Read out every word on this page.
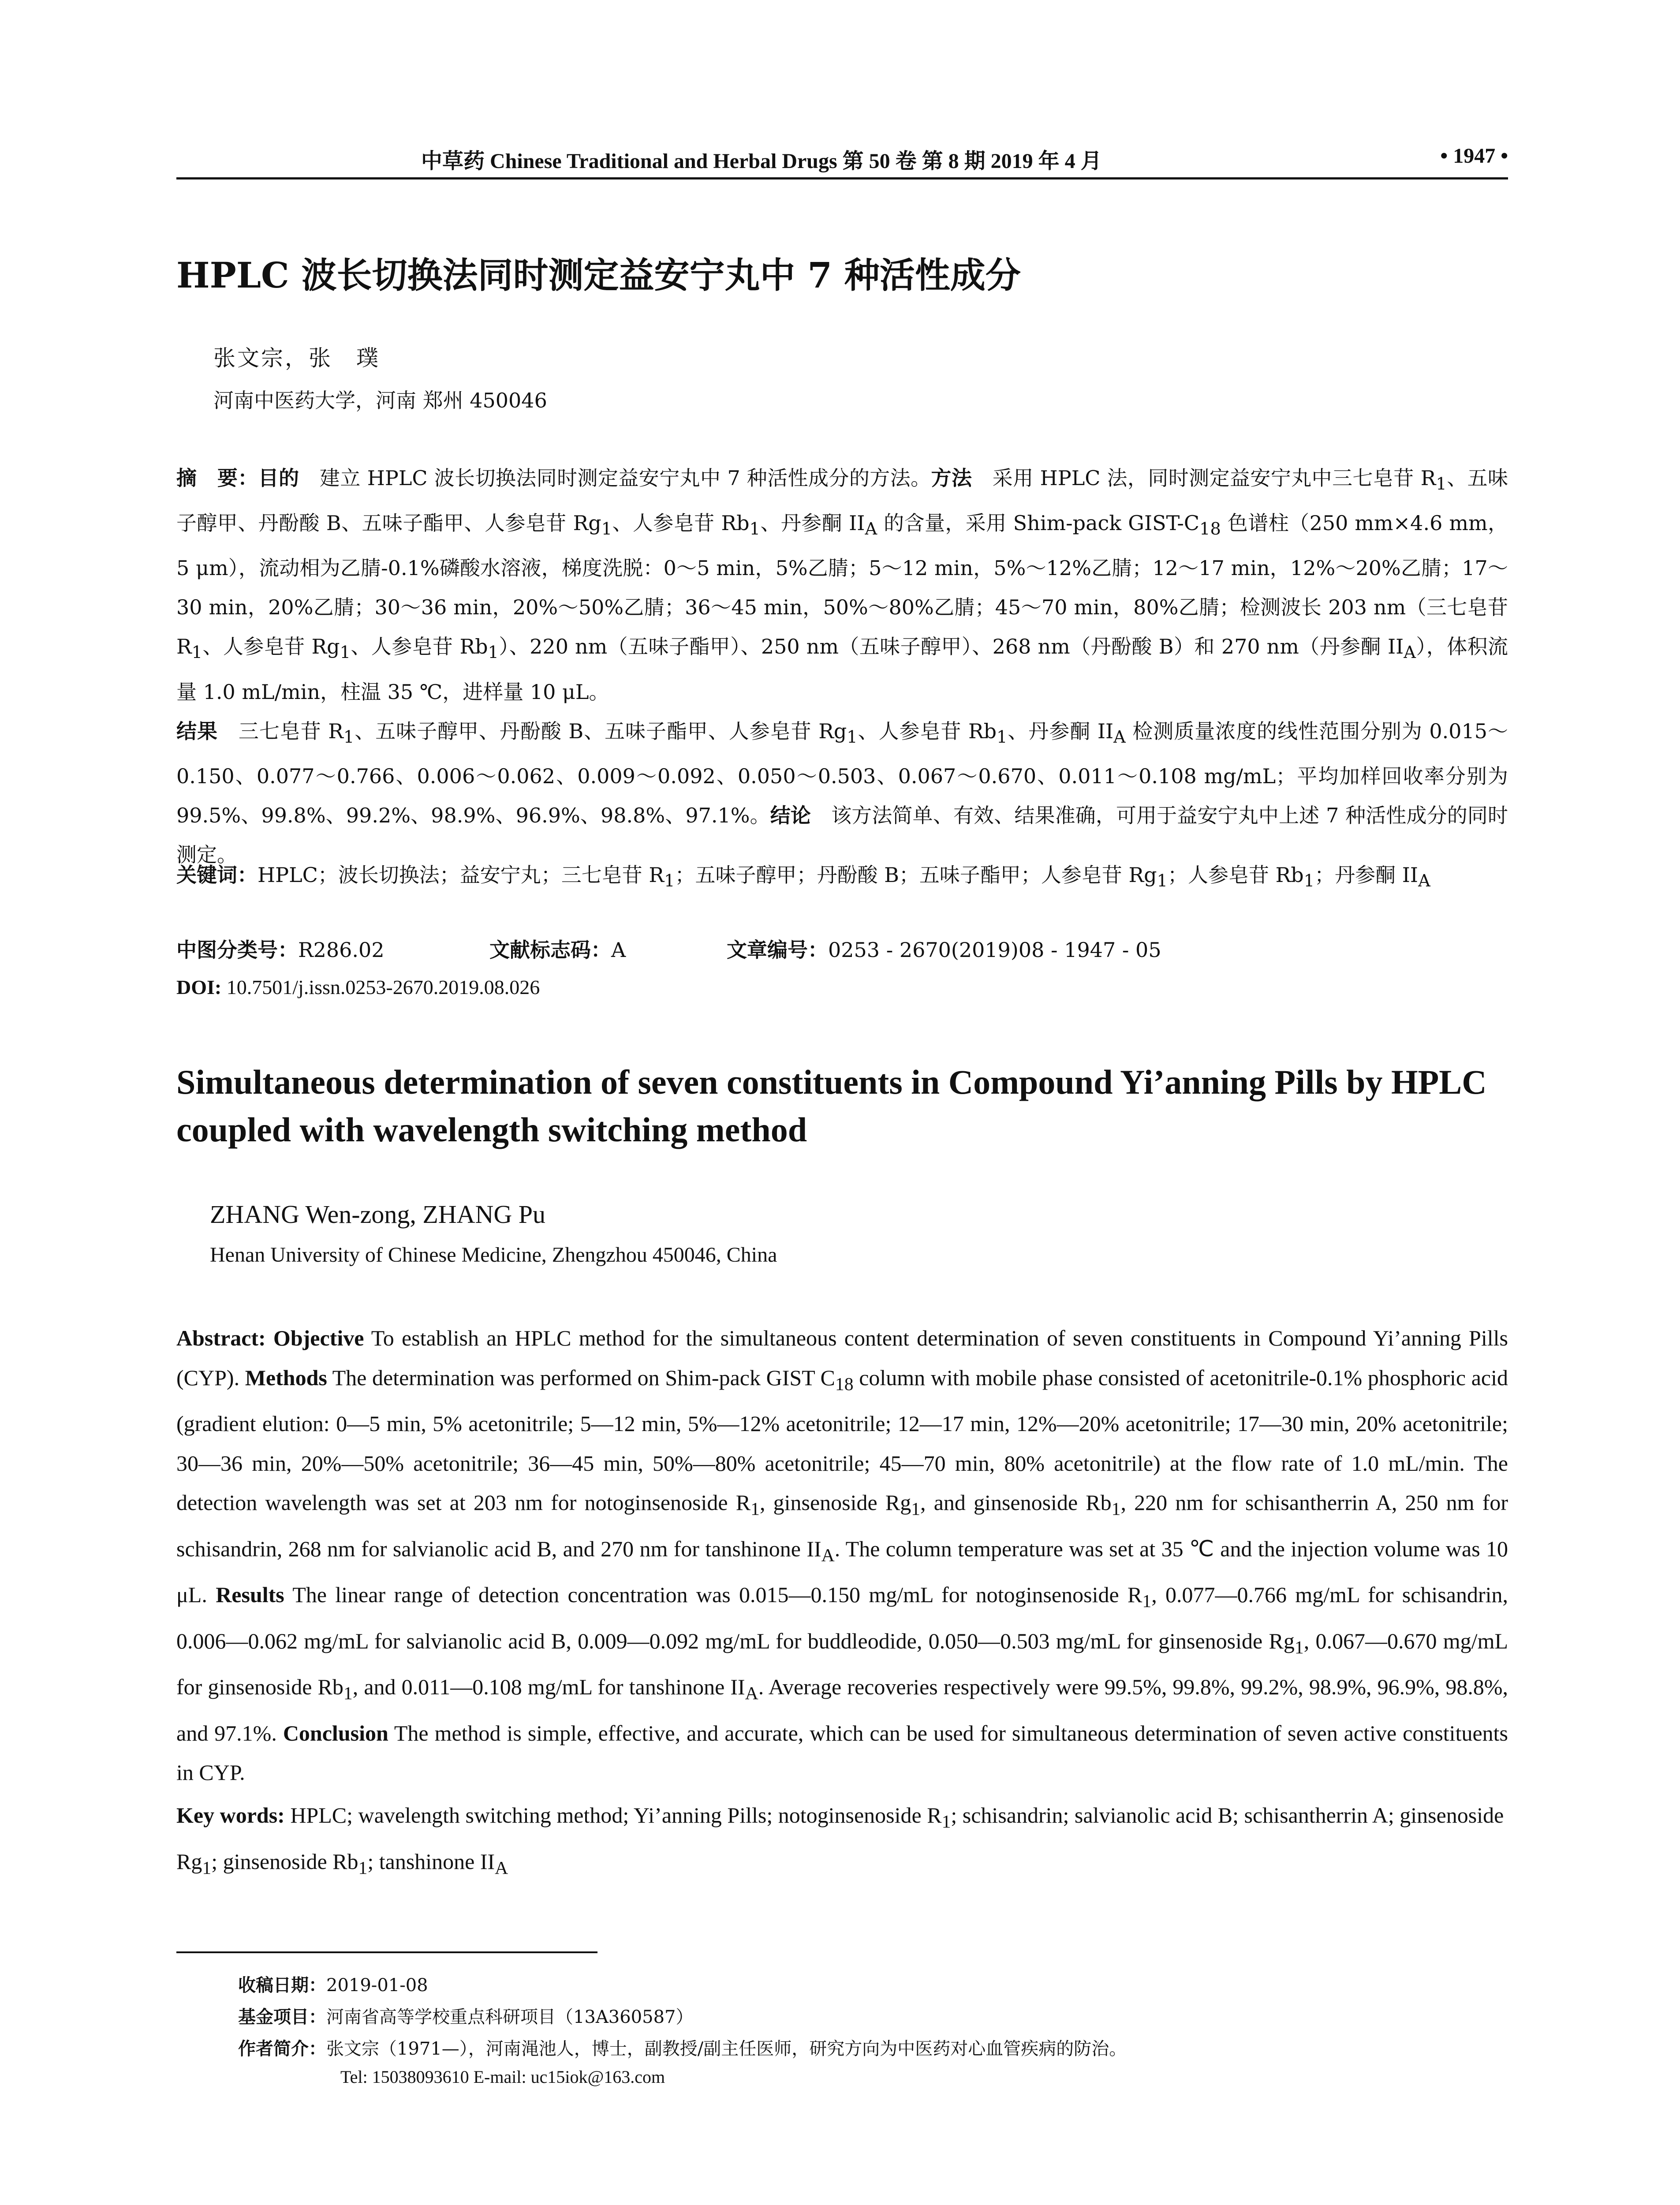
中草药 Chinese Traditional and Herbal Drugs 第 50 卷 第 8 期 2019 年 4 月	• 1947 •
HPLC 波长切换法同时测定益安宁丸中 7 种活性成分
张文宗，张　璞
河南中医药大学，河南 郑州 450046
摘　要：目的　建立 HPLC 波长切换法同时测定益安宁丸中 7 种活性成分的方法。方法　采用 HPLC 法，同时测定益安宁丸中三七皂苷 $R_1$、五味子醇甲、丹酚酸 B、五味子酯甲、人参皂苷 $Rg_1$、人参皂苷 $Rb_1$、丹参酮 $II_A$ 的含量，采用 Shim-pack GIST-$C_{18}$ 色谱柱（250 mm×4.6 mm，5 μm），流动相为乙腈-0.1%磷酸水溶液，梯度洗脱：0～5 min，5%乙腈；5～12 min，5%～12%乙腈；12～17 min，12%～20%乙腈；17～30 min，20%乙腈；30～36 min，20%～50%乙腈；36～45 min，50%～80%乙腈；45～70 min，80%乙腈；检测波长 203 nm（三七皂苷 $R_1$、人参皂苷 $Rg_1$、人参皂苷 $Rb_1$）、220 nm（五味子酯甲）、250 nm（五味子醇甲）、268 nm（丹酚酸 B）和 270 nm（丹参酮 $II_A$），体积流量 1.0 mL/min，柱温 35 ℃，进样量 10 μL。
结果　三七皂苷 $R_1$、五味子醇甲、丹酚酸 B、五味子酯甲、人参皂苷 $Rg_1$、人参皂苷 $Rb_1$、丹参酮 $II_A$ 检测质量浓度的线性范围分别为 0.015～0.150、0.077～0.766、0.006～0.062、0.009～0.092、0.050～0.503、0.067～0.670、0.011～0.108 mg/mL；平均加样回收率分别为 99.5%、99.8%、99.2%、98.9%、96.9%、98.8%、97.1%。结论　该方法简单、有效、结果准确，可用于益安宁丸中上述 7 种活性成分的同时测定。
关键词：HPLC；波长切换法；益安宁丸；三七皂苷 $R_1$；五味子醇甲；丹酚酸 B；五味子酯甲；人参皂苷 $Rg_1$；人参皂苷 $Rb_1$；丹参酮 $II_A$
中图分类号：R286.02	文献标志码：A	文章编号：0253 - 2670(2019)08 - 1947 - 05
DOI: 10.7501/j.issn.0253-2670.2019.08.026
Simultaneous determination of seven constituents in Compound Yi’anning Pills by HPLC coupled with wavelength switching method
ZHANG Wen-zong, ZHANG Pu
Henan University of Chinese Medicine, Zhengzhou 450046, China
Abstract: Objective To establish an HPLC method for the simultaneous content determination of seven constituents in Compound Yi’anning Pills (CYP). Methods The determination was performed on Shim-pack GIST $C_{18}$ column with mobile phase consisted of acetonitrile-0.1% phosphoric acid (gradient elution: 0—5 min, 5% acetonitrile; 5—12 min, 5%—12% acetonitrile; 12—17 min, 12%—20% acetonitrile; 17—30 min, 20% acetonitrile; 30—36 min, 20%—50% acetonitrile; 36—45 min, 50%—80% acetonitrile; 45—70 min, 80% acetonitrile) at the flow rate of 1.0 mL/min. The detection wavelength was set at 203 nm for notoginsenoside $R_1$, ginsenoside $Rg_1$, and ginsenoside $Rb_1$, 220 nm for schisantherrin A, 250 nm for schisandrin, 268 nm for salvianolic acid B, and 270 nm for tanshinone $II_A$. The column temperature was set at 35 ℃ and the injection volume was 10 μL. Results The linear range of detection concentration was 0.015—0.150 mg/mL for notoginsenoside $R_1$, 0.077—0.766 mg/mL for schisandrin, 0.006—0.062 mg/mL for salvianolic acid B, 0.009—0.092 mg/mL for buddleodide, 0.050—0.503 mg/mL for ginsenoside $Rg_1$, 0.067—0.670 mg/mL for ginsenoside $Rb_1$, and 0.011—0.108 mg/mL for tanshinone $II_A$. Average recoveries respectively were 99.5%, 99.8%, 99.2%, 98.9%, 96.9%, 98.8%, and 97.1%. Conclusion The method is simple, effective, and accurate, which can be used for simultaneous determination of seven active constituents in CYP.
Key words: HPLC; wavelength switching method; Yi’anning Pills; notoginsenoside $R_1$; schisandrin; salvianolic acid B; schisantherrin A; ginsenoside $Rg_1$; ginsenoside $Rb_1$; tanshinone $II_A$
收稿日期：2019-01-08
基金项目：河南省高等学校重点科研项目（13A360587）
作者简介：张文宗（1971—），河南渑池人，博士，副教授/副主任医师，研究方向为中医药对心血管疾病的防治。
Tel: 15038093610 E-mail: uc15iok@163.com
